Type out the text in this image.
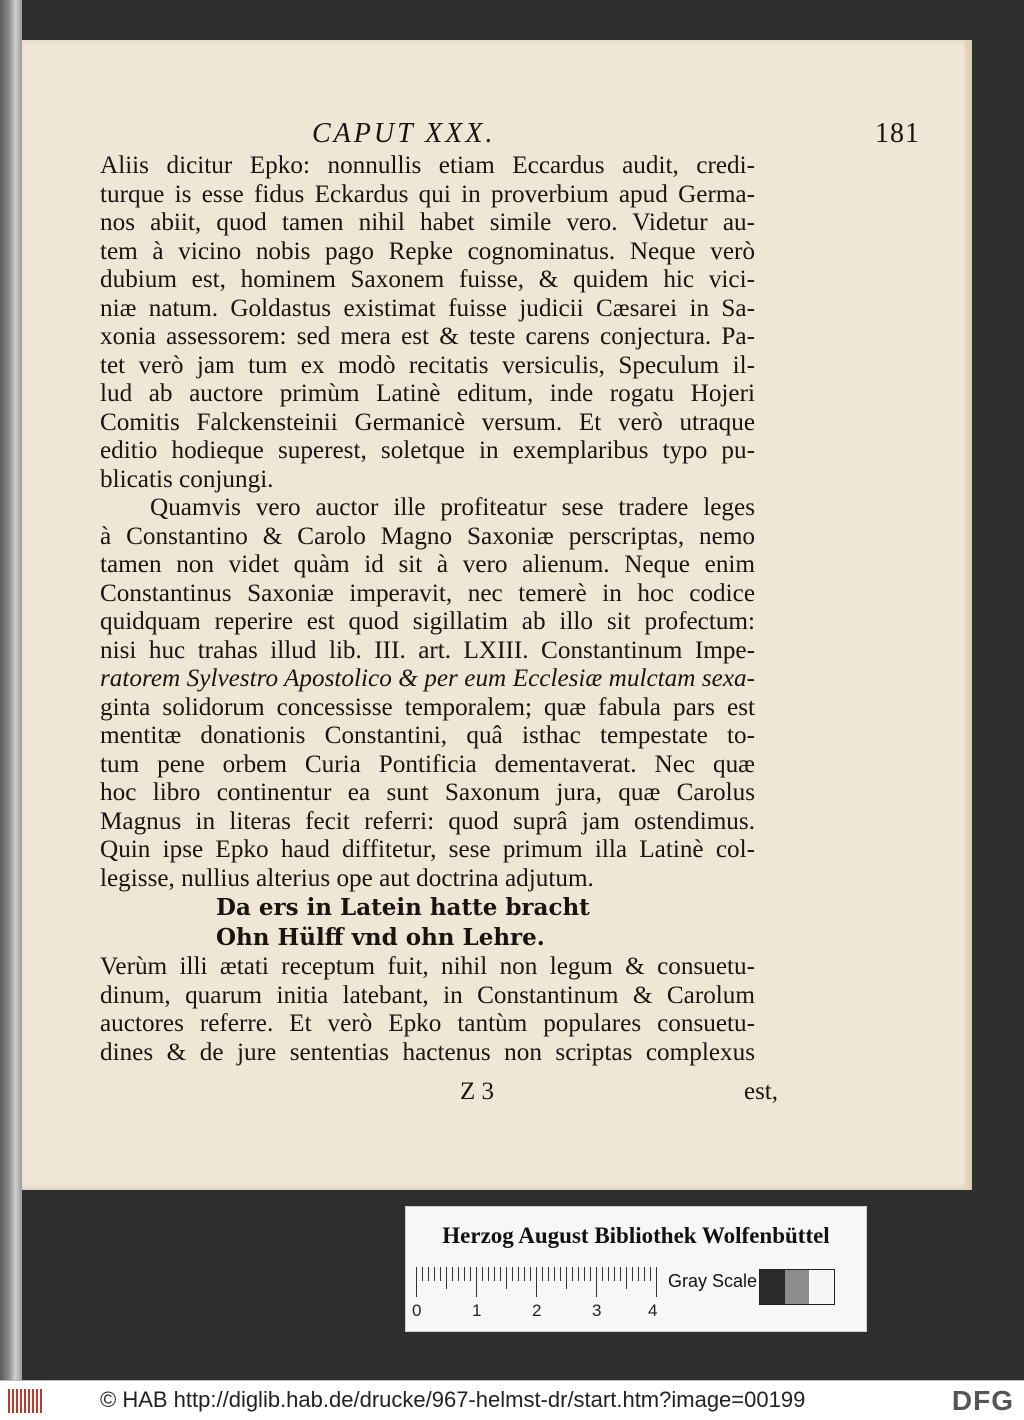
CAPUT XXX.	181
Aliis dicitur Epko: nonnullis etiam Eccardus audit, credi-
turque is esse fidus Eckardus qui in proverbium apud Germa-
nos abiit, quod tamen nihil habet simile vero. Videtur au-
tem à vicino nobis pago Repke cognominatus. Neque verò
dubium est, hominem Saxonem fuisse, & quidem hic vici-
niæ natum. Goldastus existimat fuisse judicii Cæsarei in Sa-
xonia assessorem: sed mera est & teste carens conjectura. Pa-
tet verò jam tum ex modò recitatis versiculis, Speculum il-
lud ab auctore primùm Latinè editum, inde rogatu Hojeri
Comitis Falckensteinii Germanicè versum. Et verò utraque
editio hodieque superest, soletque in exemplaribus typo pu-
blicatis conjungi.
Quamvis vero auctor ille profiteatur sese tradere leges
à Constantino & Carolo Magno Saxoniæ perscriptas, nemo
tamen non videt quàm id sit à vero alienum. Neque enim
Constantinus Saxoniæ imperavit, nec temerè in hoc codice
quidquam reperire est quod sigillatim ab illo sit profectum:
nisi huc trahas illud lib. III. art. LXIII. Constantinum Impe-
ratorem Sylvestro Apostolico & per eum Ecclesiæ mulctam sexa-
ginta solidorum concessisse temporalem; quæ fabula pars est
mentitæ donationis Constantini, quâ isthac tempestate to-
tum pene orbem Curia Pontificia dementaverat. Nec quæ
hoc libro continentur ea sunt Saxonum jura, quæ Carolus
Magnus in literas fecit referri: quod suprâ jam ostendimus.
Quin ipse Epko haud diffitetur, sese primum illa Latinè col-
legisse, nullius alterius ope aut doctrina adjutum.
Da ers in Latein hatte bracht
Ohn Hülff vnd ohn Lehre.
Verùm illi ætati receptum fuit, nihil non legum & consuetu-
dinum, quarum initia latebant, in Constantinum & Carolum
auctores referre. Et verò Epko tantùm populares consuetu-
dines & de jure sententias hactenus non scriptas complexus
Z 3	est,
Herzog August Bibliothek Wolfenbüttel
0	1	2	3	4
Gray Scale
© HAB http://diglib.hab.de/drucke/967-helmst-dr/start.htm?image=00199	DFG
